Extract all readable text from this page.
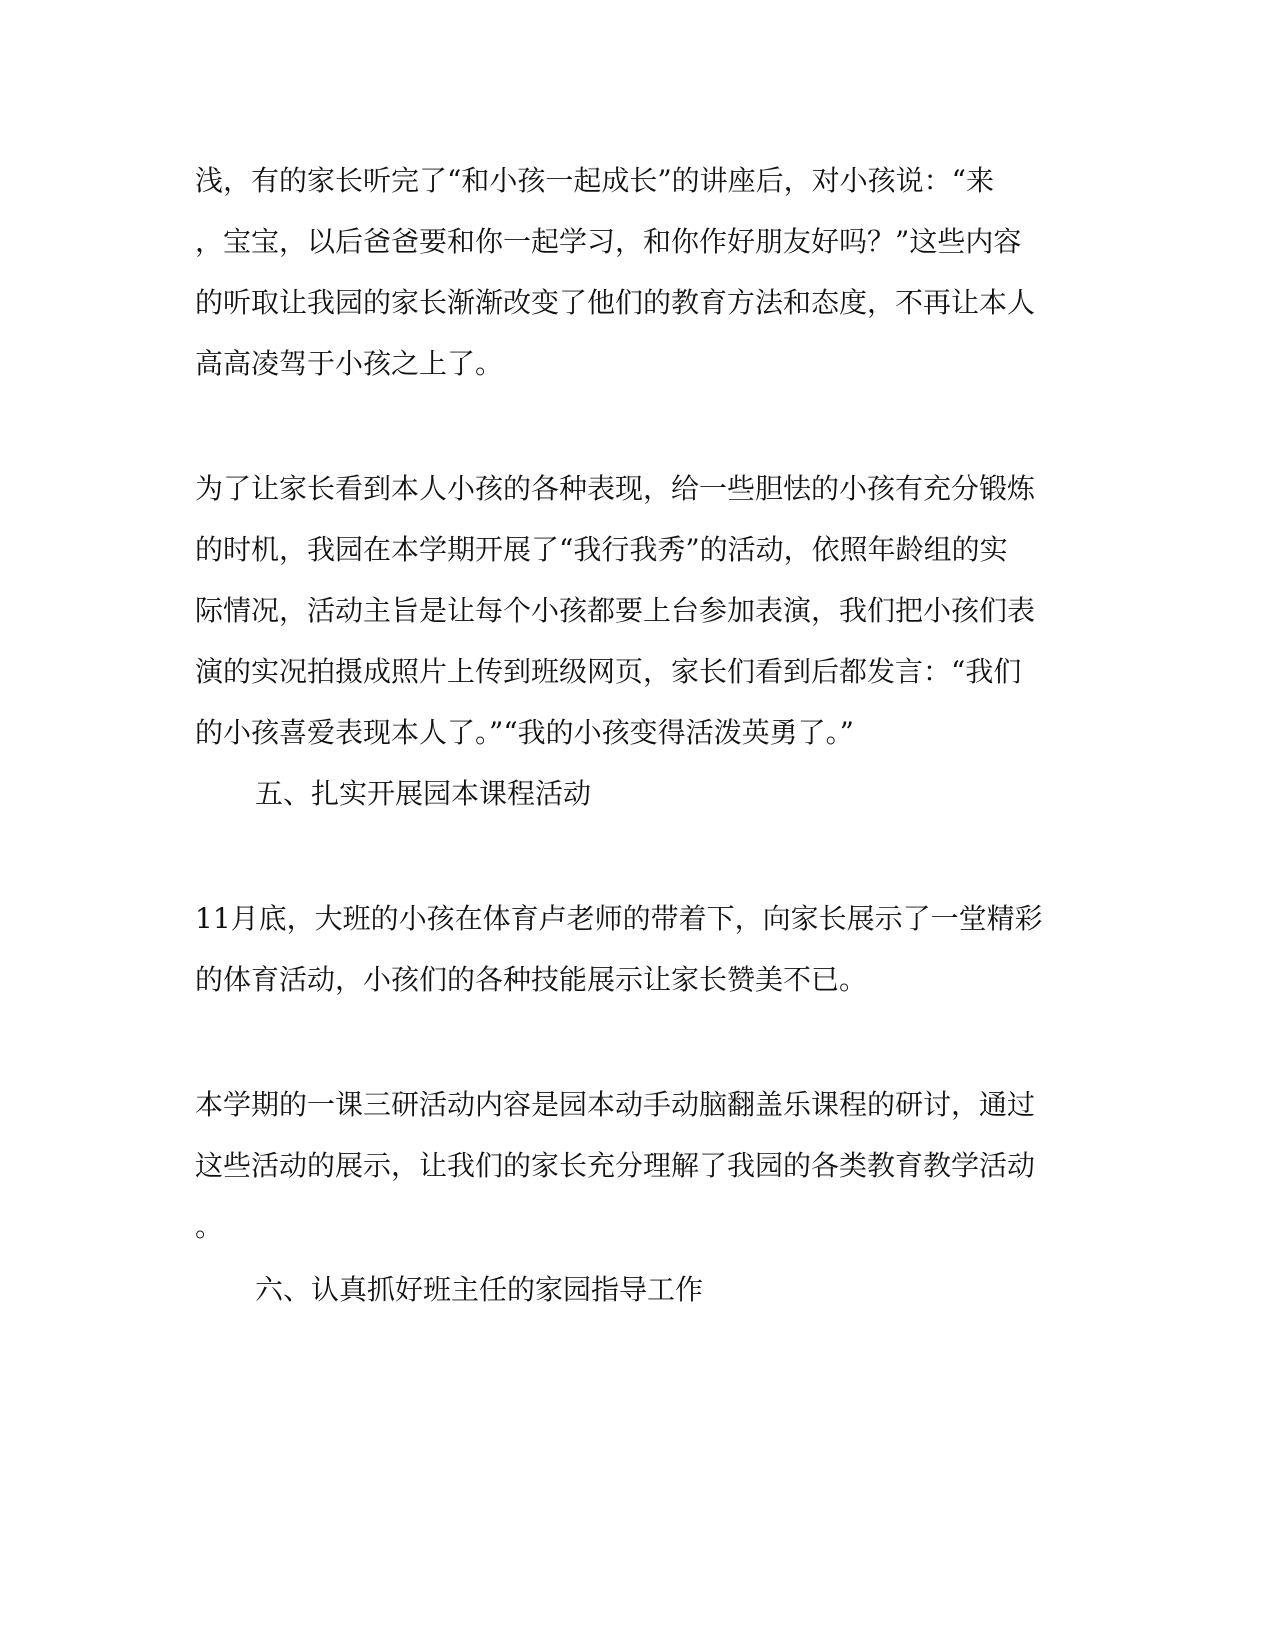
浅，有的家长听完了“和小孩一起成长”的讲座后，对小孩说：“来
，宝宝，以后爸爸要和你一起学习，和你作好朋友好吗？”这些内容
的听取让我园的家长渐渐改变了他们的教育方法和态度，不再让本人
高高凌驾于小孩之上了。
为了让家长看到本人小孩的各种表现，给一些胆怯的小孩有充分锻炼
的时机，我园在本学期开展了“我行我秀”的活动，依照年龄组的实
际情况，活动主旨是让每个小孩都要上台参加表演，我们把小孩们表
演的实况拍摄成照片上传到班级网页，家长们看到后都发言：“我们
的小孩喜爱表现本人了。”“我的小孩变得活泼英勇了。”
五、扎实开展园本课程活动
11月底，大班的小孩在体育卢老师的带着下，向家长展示了一堂精彩
的体育活动，小孩们的各种技能展示让家长赞美不已。
本学期的一课三研活动内容是园本动手动脑翻盖乐课程的研讨，通过
这些活动的展示，让我们的家长充分理解了我园的各类教育教学活动
。
六、认真抓好班主任的家园指导工作
